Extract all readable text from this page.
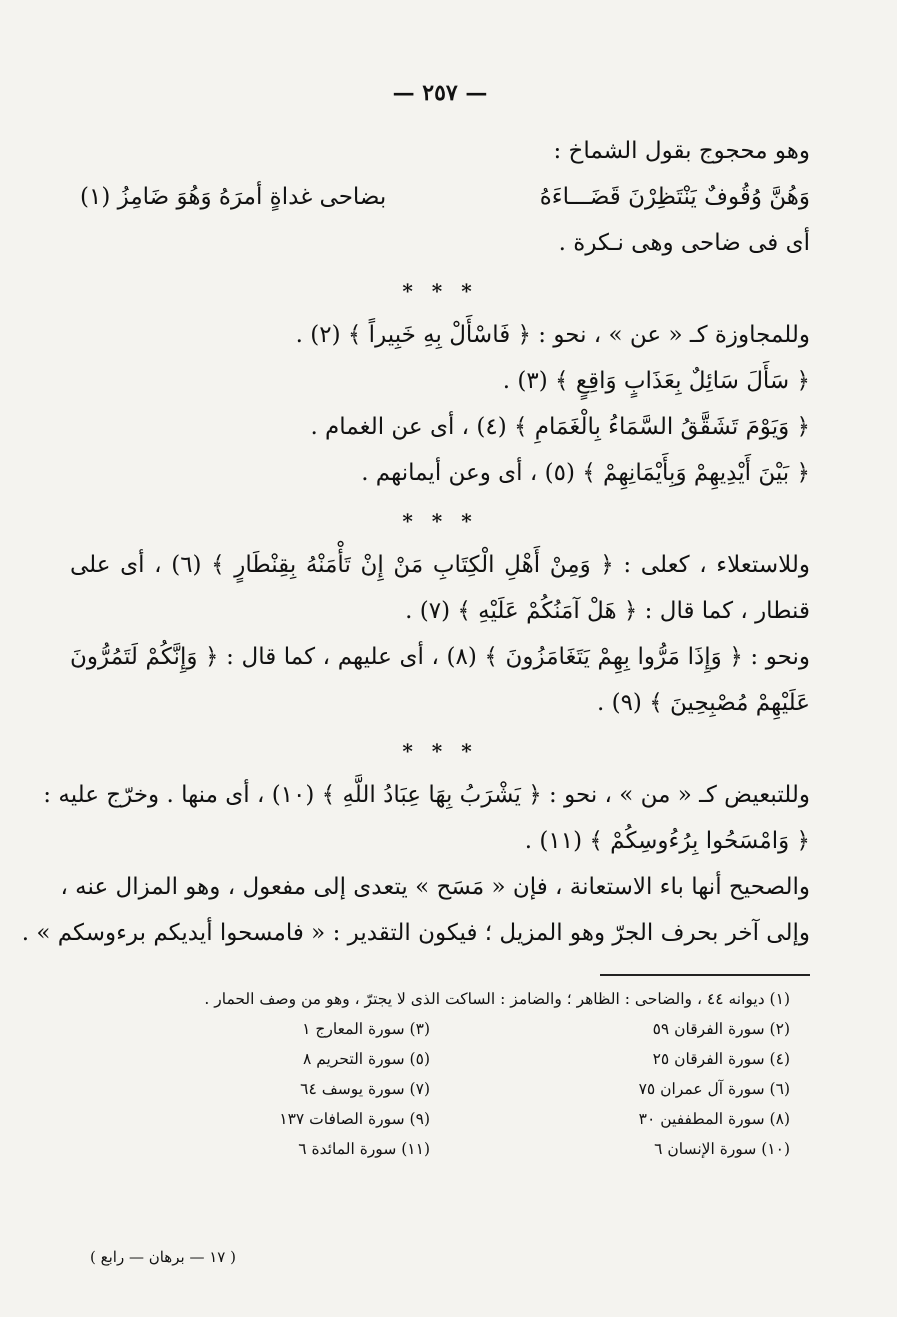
— ٢٥٧ —
وهو محجوج بقول الشماخ :
وَهُنَّ وُقُوفٌ يَنْتَظِرْنَ قَضَـــاءَهُ
بضاحى غداةٍ أمرَهُ وَهُوَ ضَامِزُ (١)
أى فى ضاحى وهى نـكرة .
* * *
وللمجاوزة كـ « عن » ، نحو : ﴿ فَاسْأَلْ بِهِ خَبِيراً ﴾ (٢) .
﴿ سَأَلَ سَائِلٌ بِعَذَابٍ وَاقِعٍ ﴾ (٣) .
﴿ وَيَوْمَ تَشَقَّقُ السَّمَاءُ بِالْغَمَامِ ﴾ (٤) ، أى عن الغمام .
﴿ بَيْنَ أَيْدِيهِمْ وَبِأَيْمَانِهِمْ ﴾ (٥) ، أى وعن أيمانهم .
* * *
وللاستعلاء ، كعلى : ﴿ وَمِنْ أَهْلِ الْكِتَابِ مَنْ إِنْ تَأْمَنْهُ بِقِنْطَارٍ ﴾ (٦) ، أى على
قنطار ، كما قال : ﴿ هَلْ آمَنُكُمْ عَلَيْهِ ﴾ (٧) .
ونحو : ﴿ وَإِذَا مَرُّوا بِهِمْ يَتَغَامَزُونَ ﴾ (٨) ، أى عليهم ، كما قال : ﴿ وَإِنَّكُمْ لَتَمُرُّونَ
عَلَيْهِمْ مُصْبِحِينَ ﴾ (٩) .
* * *
وللتبعيض كـ « من » ، نحو : ﴿ يَشْرَبُ بِهَا عِبَادُ اللَّهِ ﴾ (١٠) ، أى منها . وخرّج عليه :
﴿ وَامْسَحُوا بِرُءُوسِكُمْ ﴾ (١١) .
والصحيح أنها باء الاستعانة ، فإن « مَسَح » يتعدى إلى مفعول ، وهو المزال عنه ،
وإلى آخر بحرف الجرّ وهو المزيل ؛ فيكون التقدير : « فامسحوا أيديكم برءوسكم » .
(١) ديوانه ٤٤ ، والضاحى : الظاهر ؛ والضامز : الساكت الذى لا يجترّ ، وهو من وصف الحمار .
(٢) سورة الفرقان ٥٩
(٣) سورة المعارج ١
(٤) سورة الفرقان ٢٥
(٥) سورة التحريم ٨
(٦) سورة آل عمران ٧٥
(٧) سورة يوسف ٦٤
(٨) سورة المطففين ٣٠
(٩) سورة الصافات ١٣٧
(١٠) سورة الإنسان ٦
(١١) سورة المائدة ٦
( ١٧ — برهان — رابع )
